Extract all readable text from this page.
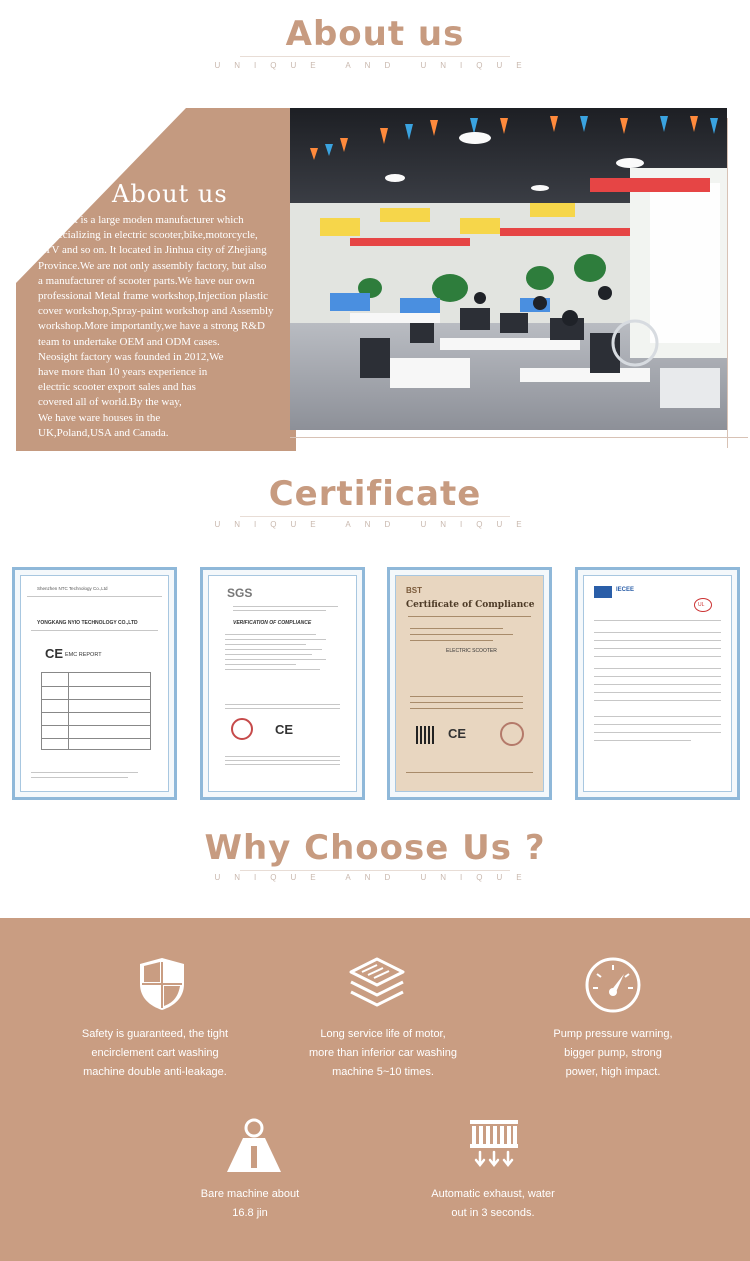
About us
UNIQUE AND UNIQUE
About us
Neosight is a large moden manufacturer which
is specializing in electric scooter,bike,motorcycle,
ATV and so on. It located in Jinhua city of Zhejiang
Province.We are not only assembly factory, but also
a manufacturer of scooter parts.We have our own
professional Metal frame workshop,Injection plastic
cover workshop,Spray-paint workshop and Assembly
workshop.More importantly,we have a strong R&D
team to undertake OEM and ODM cases.
Neosight factory was founded in 2012,We
have more than 10 years experience in
electric scooter export sales and has
covered all of world.By the way,
We have ware houses in the
UK,Poland,USA and Canada.
Certificate
UNIQUE AND UNIQUE
Shenzhen NTC Technology Co.,Ltd
YONGKANG NYIO TECHNOLOGY CO.,LTD
CE EMC REPORT
SGS
VERIFICATION OF COMPLIANCE
CE
BST
Certificate of Compliance
ELECTRIC SCOOTER
CE
IECEE
UL
Why Choose Us ?
UNIQUE AND UNIQUE
Safety is guaranteed, the tight
encirclement cart washing
machine double anti-leakage.
Long service life of motor,
more than inferior car washing
machine 5~10 times.
Pump pressure warning,
bigger pump, strong
power, high impact.
Bare machine about
16.8 jin
Automatic exhaust, water
out in 3 seconds.
